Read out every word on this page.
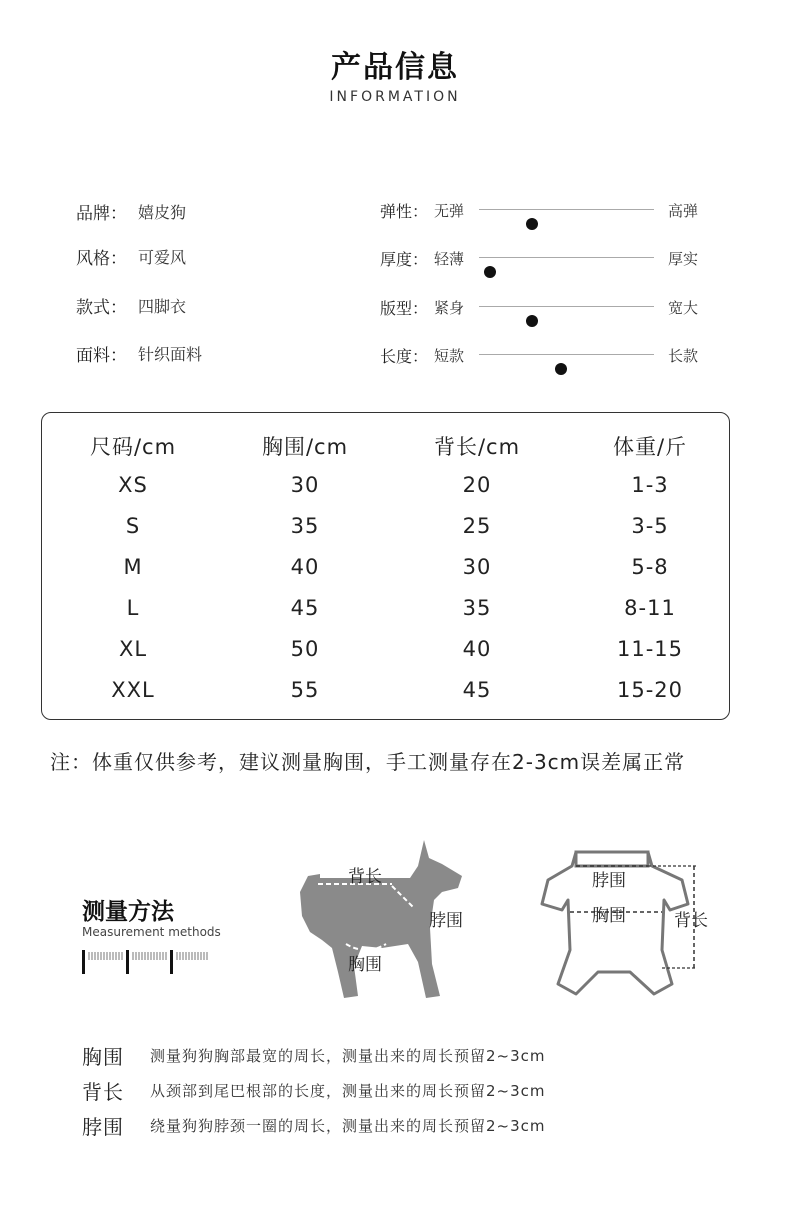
产品信息
INFORMATION
品牌： 嬉皮狗
风格： 可爱风
款式： 四脚衣
面料： 针织面料
弹性： 无弹	高弹
厚度： 轻薄	厚实
版型： 紧身	宽大
长度： 短款	长款
尺码/cm	胸围/cm	背长/cm	体重/斤
XS	30	20	1-3
S	35	25	3-5
M	40	30	5-8
L	45	35	8-11
XL	50	40	11-15
XXL	55	45	15-20
注：体重仅供参考，建议测量胸围，手工测量存在2-3cm误差属正常
测量方法
Measurement methods
背长
脖围
胸围
脖围
胸围	背长
胸围	测量狗狗胸部最宽的周长，测量出来的周长预留2~3cm
背长	从颈部到尾巴根部的长度，测量出来的周长预留2~3cm
脖围	绕量狗狗脖颈一圈的周长，测量出来的周长预留2~3cm
